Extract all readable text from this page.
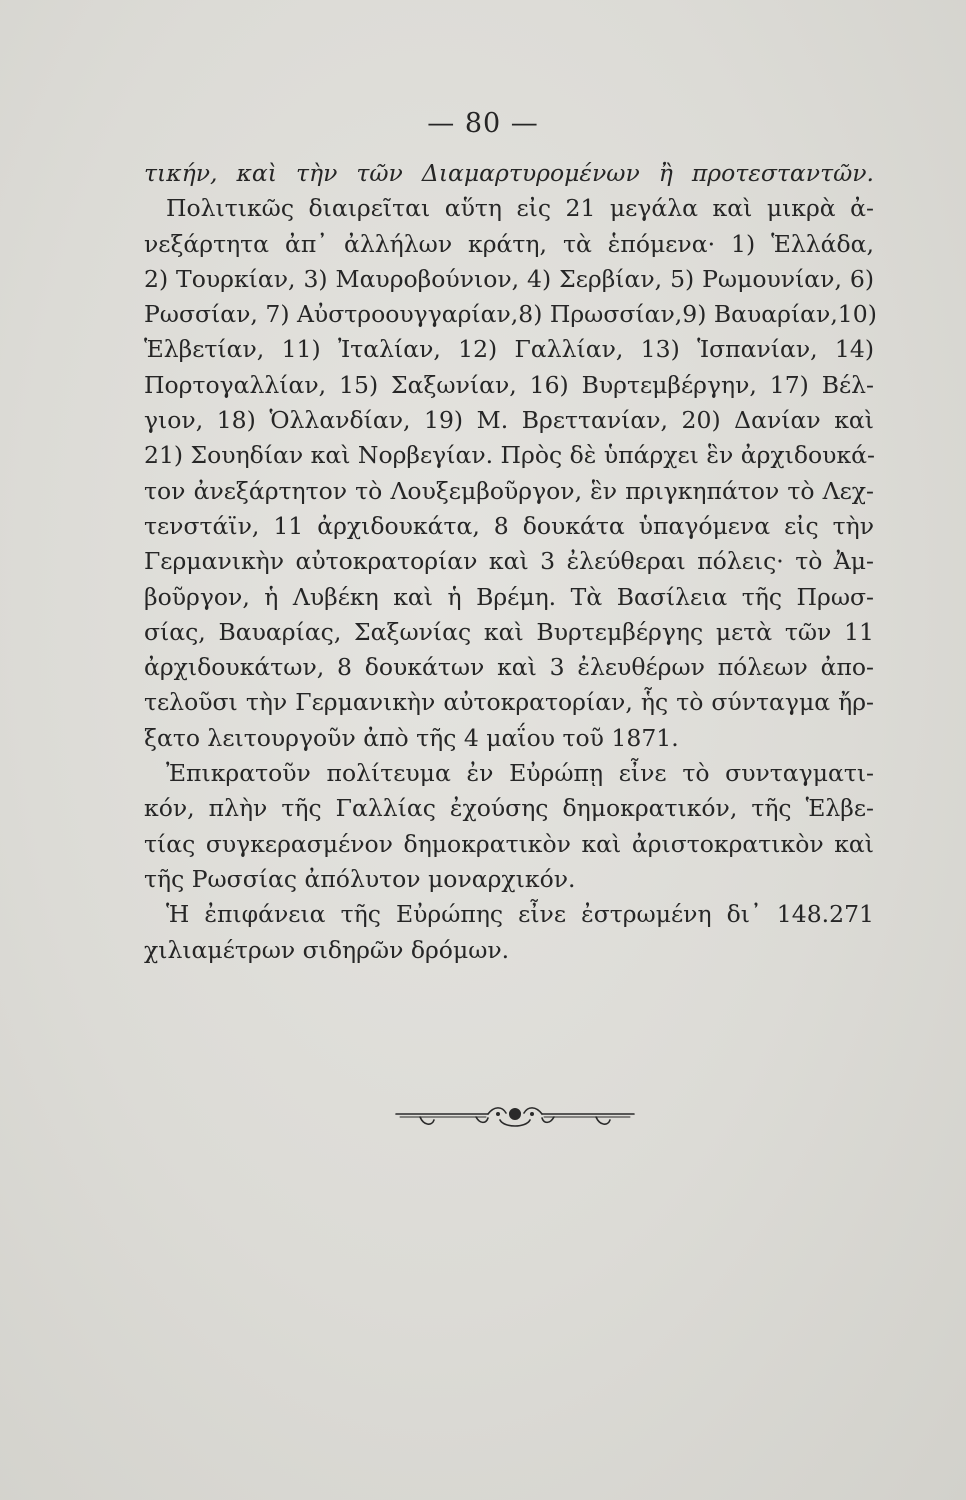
— 80 —
τικήν, καὶ τὴν τῶν Διαμαρτυρομένων ἢ προτεσταντῶν.
Πολιτικῶς διαιρεῖται αὕτη εἰς 21 μεγάλα καὶ μικρὰ ἀ-
νεξάρτητα ἀπ᾽ ἀλλήλων κράτη, τὰ ἑπόμενα· 1) Ἑλλάδα,
2) Τουρκίαν, 3) Μαυροβούνιον, 4) Σερβίαν, 5) Ρωμουνίαν, 6)
Ρωσσίαν, 7) Αὐστροουγγαρίαν,8) Πρωσσίαν,9) Βαυαρίαν,10)
Ἑλβετίαν, 11) Ἰταλίαν, 12) Γαλλίαν, 13) Ἱσπανίαν, 14)
Πορτογαλλίαν, 15) Σαξωνίαν, 16) Βυρτεμβέργην, 17) Βέλ-
γιον, 18) Ὁλλανδίαν, 19) Μ. Βρεττανίαν, 20) Δανίαν καὶ
21) Σουηδίαν καὶ Νορβεγίαν. Πρὸς δὲ ὑπάρχει ἓν ἀρχιδουκά-
τον ἀνεξάρτητον τὸ Λουξεμβοῦργον, ἓν πριγκηπάτον τὸ Λεχ-
τενστάϊν, 11 ἀρχιδουκάτα, 8 δουκάτα ὑπαγόμενα εἰς τὴν
Γερμανικὴν αὐτοκρατορίαν καὶ 3 ἐλεύθεραι πόλεις· τὸ Ἀμ-
βοῦργον, ἡ Λυβέκη καὶ ἡ Βρέμη. Τὰ Βασίλεια τῆς Πρωσ-
σίας, Βαυαρίας, Σαξωνίας καὶ Βυρτεμβέργης μετὰ τῶν 11
ἀρχιδουκάτων, 8 δουκάτων καὶ 3 ἐλευθέρων πόλεων ἀπο-
τελοῦσι τὴν Γερμανικὴν αὐτοκρατορίαν, ἧς τὸ σύνταγμα ἤρ-
ξατο λειτουργοῦν ἀπὸ τῆς 4 μαΐου τοῦ 1871.
Ἐπικρατοῦν πολίτευμα ἐν Εὐρώπῃ εἶνε τὸ συνταγματι-
κόν, πλὴν τῆς Γαλλίας ἐχούσης δημοκρατικόν, τῆς Ἑλβε-
τίας συγκερασμένον δημοκρατικὸν καὶ ἀριστοκρατικὸν καὶ
τῆς Ρωσσίας ἀπόλυτον μοναρχικόν.
Ἡ ἐπιφάνεια τῆς Εὐρώπης εἶνε ἐστρωμένη δι᾽ 148.271
χιλιαμέτρων σιδηρῶν δρόμων.
